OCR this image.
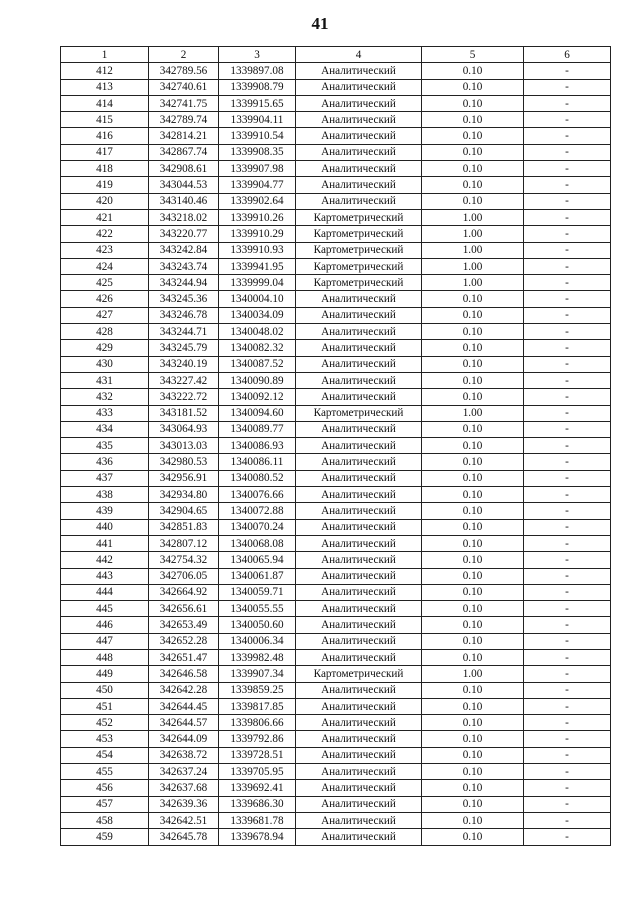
41
1	2	3	4	5	6
412	342789.56	1339897.08	Аналитический	0.10	-
413	342740.61	1339908.79	Аналитический	0.10	-
414	342741.75	1339915.65	Аналитический	0.10	-
415	342789.74	1339904.11	Аналитический	0.10	-
416	342814.21	1339910.54	Аналитический	0.10	-
417	342867.74	1339908.35	Аналитический	0.10	-
418	342908.61	1339907.98	Аналитический	0.10	-
419	343044.53	1339904.77	Аналитический	0.10	-
420	343140.46	1339902.64	Аналитический	0.10	-
421	343218.02	1339910.26	Картометрический	1.00	-
422	343220.77	1339910.29	Картометрический	1.00	-
423	343242.84	1339910.93	Картометрический	1.00	-
424	343243.74	1339941.95	Картометрический	1.00	-
425	343244.94	1339999.04	Картометрический	1.00	-
426	343245.36	1340004.10	Аналитический	0.10	-
427	343246.78	1340034.09	Аналитический	0.10	-
428	343244.71	1340048.02	Аналитический	0.10	-
429	343245.79	1340082.32	Аналитический	0.10	-
430	343240.19	1340087.52	Аналитический	0.10	-
431	343227.42	1340090.89	Аналитический	0.10	-
432	343222.72	1340092.12	Аналитический	0.10	-
433	343181.52	1340094.60	Картометрический	1.00	-
434	343064.93	1340089.77	Аналитический	0.10	-
435	343013.03	1340086.93	Аналитический	0.10	-
436	342980.53	1340086.11	Аналитический	0.10	-
437	342956.91	1340080.52	Аналитический	0.10	-
438	342934.80	1340076.66	Аналитический	0.10	-
439	342904.65	1340072.88	Аналитический	0.10	-
440	342851.83	1340070.24	Аналитический	0.10	-
441	342807.12	1340068.08	Аналитический	0.10	-
442	342754.32	1340065.94	Аналитический	0.10	-
443	342706.05	1340061.87	Аналитический	0.10	-
444	342664.92	1340059.71	Аналитический	0.10	-
445	342656.61	1340055.55	Аналитический	0.10	-
446	342653.49	1340050.60	Аналитический	0.10	-
447	342652.28	1340006.34	Аналитический	0.10	-
448	342651.47	1339982.48	Аналитический	0.10	-
449	342646.58	1339907.34	Картометрический	1.00	-
450	342642.28	1339859.25	Аналитический	0.10	-
451	342644.45	1339817.85	Аналитический	0.10	-
452	342644.57	1339806.66	Аналитический	0.10	-
453	342644.09	1339792.86	Аналитический	0.10	-
454	342638.72	1339728.51	Аналитический	0.10	-
455	342637.24	1339705.95	Аналитический	0.10	-
456	342637.68	1339692.41	Аналитический	0.10	-
457	342639.36	1339686.30	Аналитический	0.10	-
458	342642.51	1339681.78	Аналитический	0.10	-
459	342645.78	1339678.94	Аналитический	0.10	-
